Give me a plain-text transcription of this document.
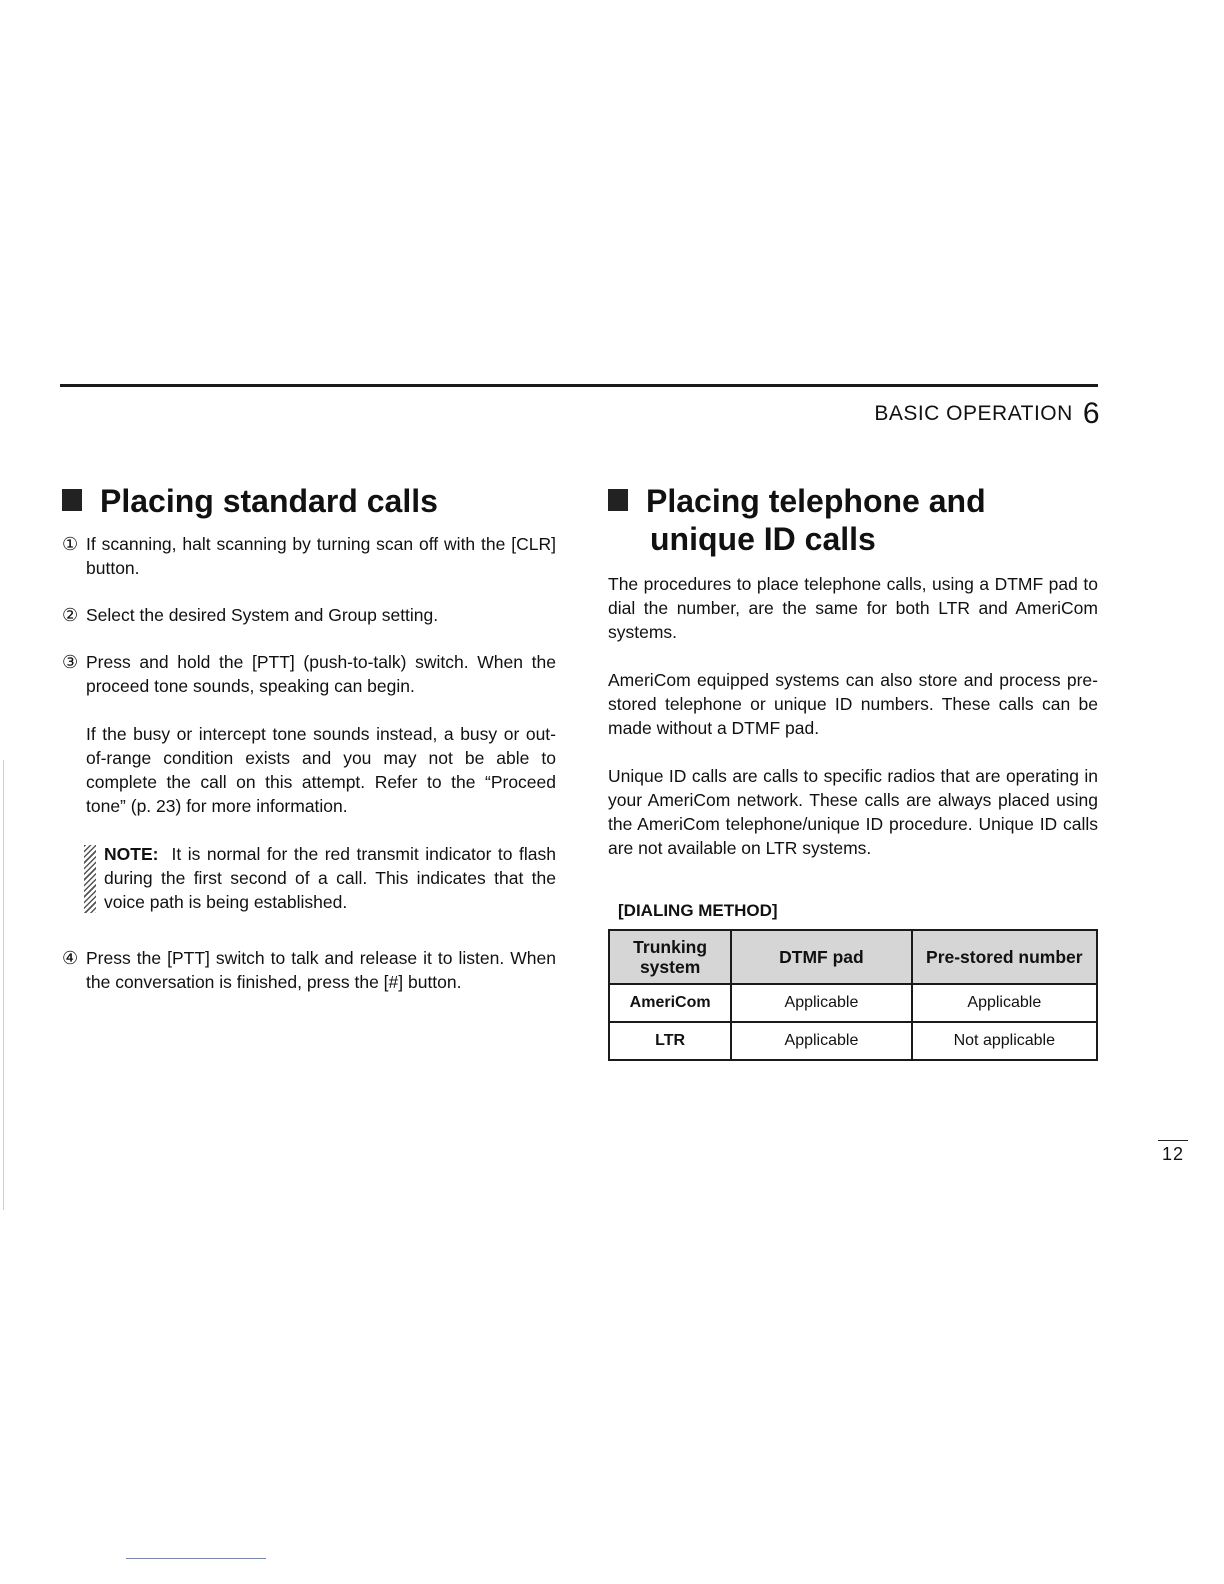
BASIC OPERATION 6
Placing standard calls
① If scanning, halt scanning by turning scan off with the [CLR] button.
② Select the desired System and Group setting.
③ Press and hold the [PTT] (push-to-talk) switch. When the proceed tone sounds, speaking can begin.

If the busy or intercept tone sounds instead, a busy or out-of-range condition exists and you may not be able to complete the call on this attempt. Refer to the “Proceed tone” (p. 23) for more information.

NOTE: It is normal for the red transmit indicator to flash during the first second of a call. This indicates that the voice path is being established.
④ Press the [PTT] switch to talk and release it to listen. When the conversation is finished, press the [#] button.
Placing telephone and
unique ID calls

The procedures to place telephone calls, using a DTMF pad to dial the number, are the same for both LTR and AmeriCom systems.

AmeriCom equipped systems can also store and process pre-stored telephone or unique ID numbers. These calls can be made without a DTMF pad.

Unique ID calls are calls to specific radios that are operating in your AmeriCom network. These calls are always placed using the AmeriCom telephone/unique ID procedure. Unique ID calls are not available on LTR systems.

[DIALING METHOD]

Trunking system	DTMF pad	Pre-stored number
AmeriCom	Applicable	Applicable
LTR	Applicable	Not applicable
12
